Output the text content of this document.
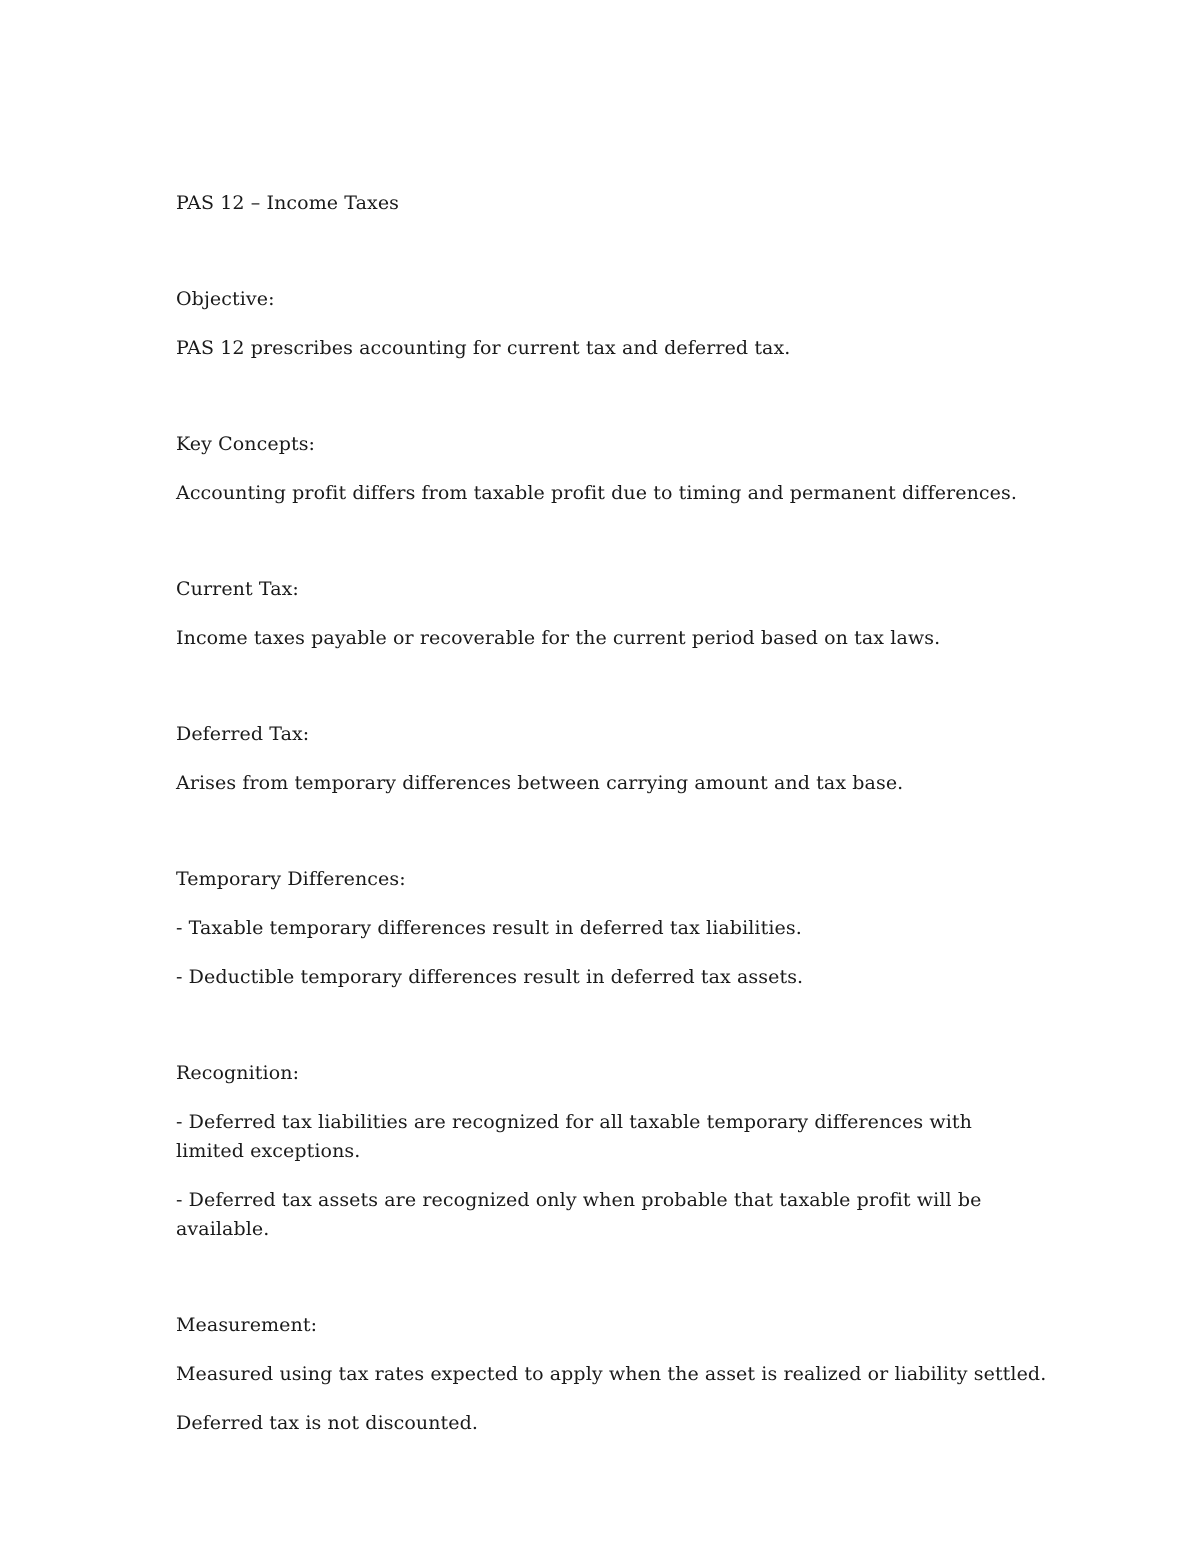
PAS 12 – Income Taxes

Objective:

PAS 12 prescribes accounting for current tax and deferred tax.

Key Concepts:

Accounting profit differs from taxable profit due to timing and permanent differences.

Current Tax:

Income taxes payable or recoverable for the current period based on tax laws.

Deferred Tax:

Arises from temporary differences between carrying amount and tax base.

Temporary Differences:

- Taxable temporary differences result in deferred tax liabilities.

- Deductible temporary differences result in deferred tax assets.

Recognition:

- Deferred tax liabilities are recognized for all taxable temporary differences with limited exceptions.

- Deferred tax assets are recognized only when probable that taxable profit will be available.

Measurement:

Measured using tax rates expected to apply when the asset is realized or liability settled.

Deferred tax is not discounted.
